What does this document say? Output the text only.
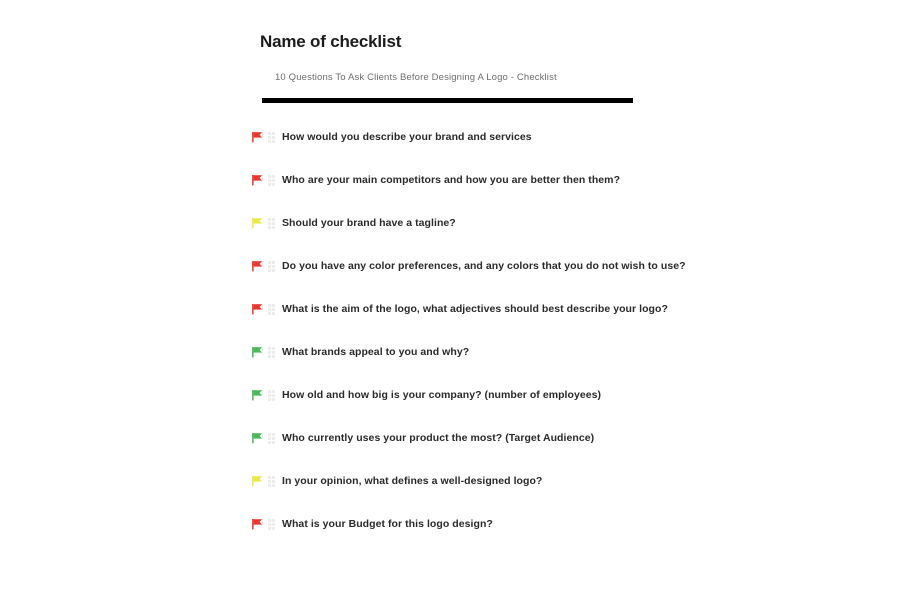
Name of checklist
10 Questions To Ask Clients Before Designing A Logo - Checklist
How would you describe your brand and services
Who are your main competitors and how you are better then them?
Should your brand have a tagline?
Do you have any color preferences, and any colors that you do not wish to use?
What is the aim of the logo, what adjectives should best describe your logo?
What brands appeal to you and why?
How old and how big is your company? (number of employees)
Who currently uses your product the most? (Target Audience)
In your opinion, what defines a well-designed logo?
What is your Budget for this logo design?
